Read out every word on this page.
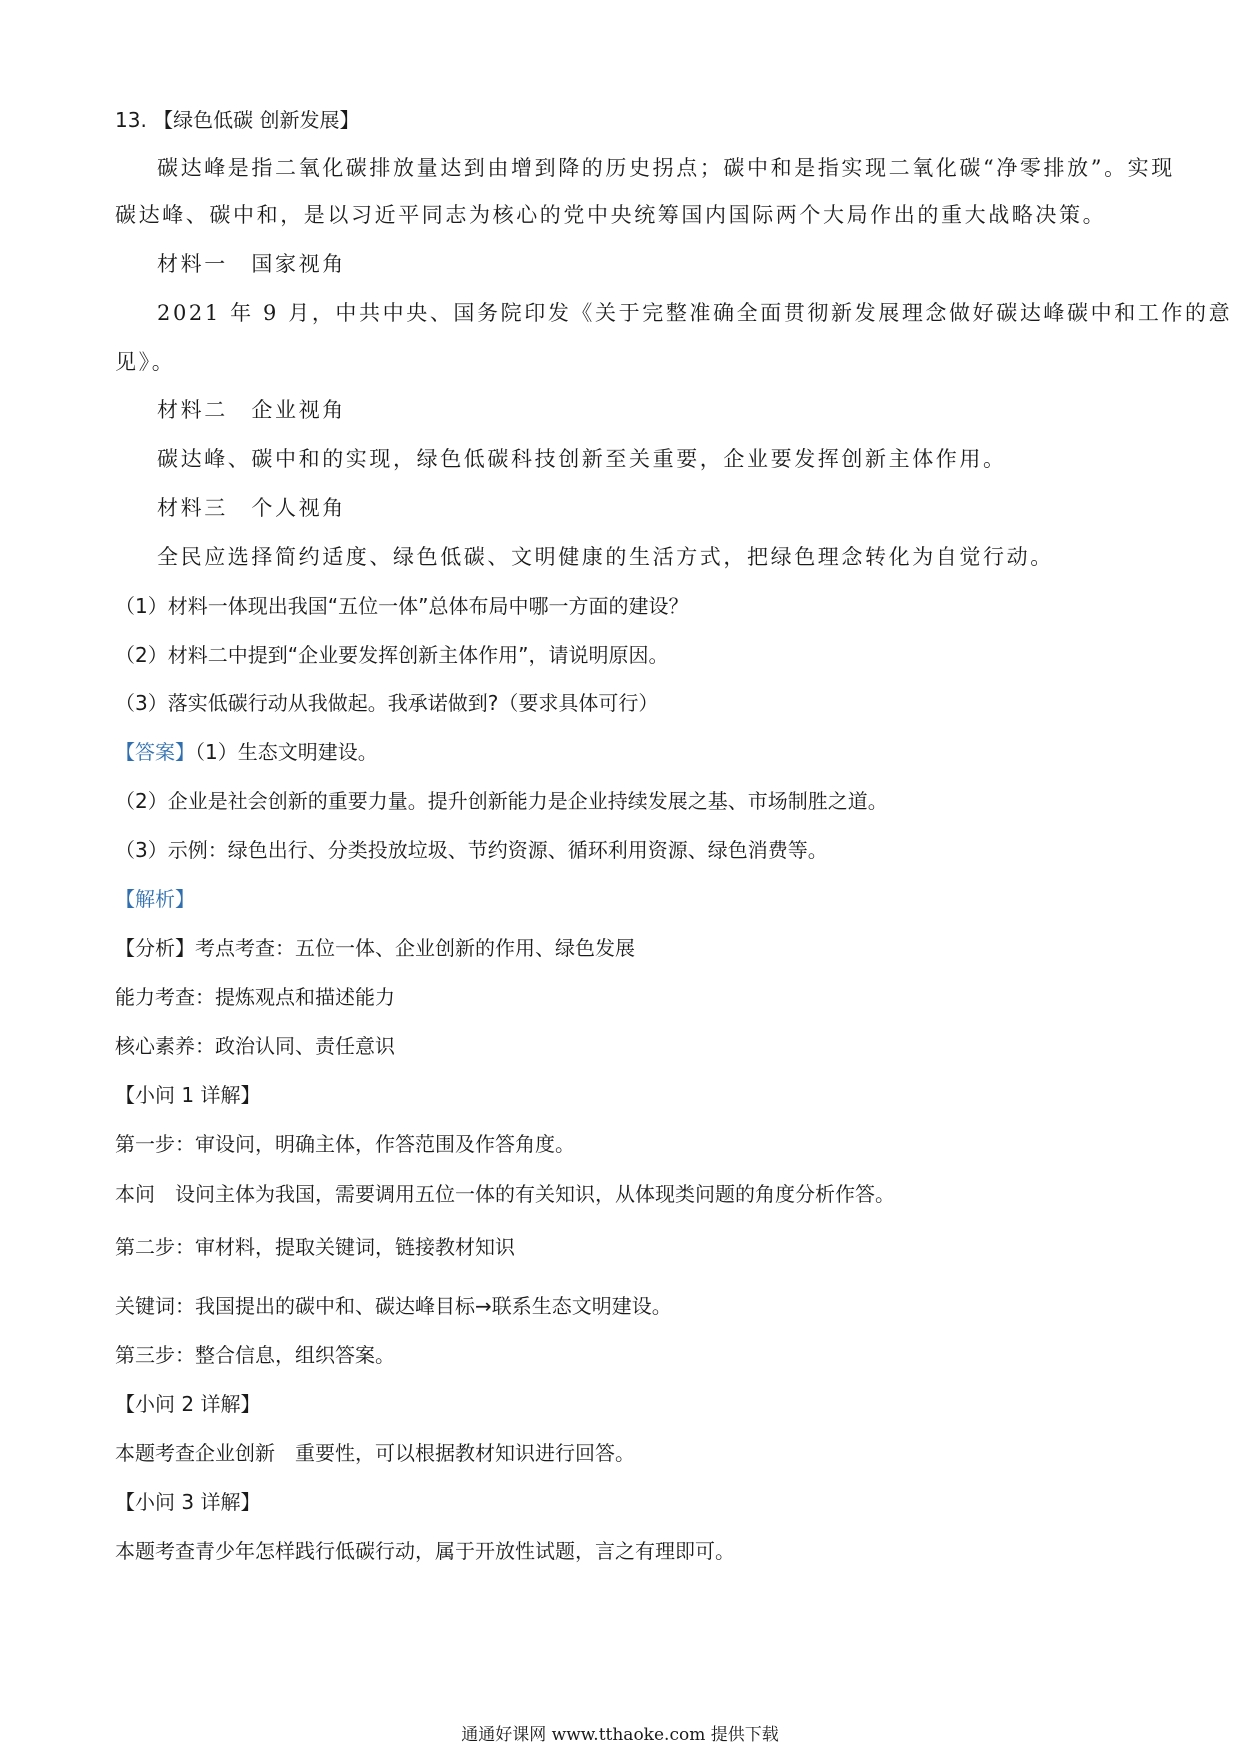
13. 【绿色低碳 创新发展】
碳达峰是指二氧化碳排放量达到由增到降的历史拐点；碳中和是指实现二氧化碳“净零排放”。实现
碳达峰、碳中和，是以习近平同志为核心的党中央统筹国内国际两个大局作出的重大战略决策。
材料一　国家视角
2021 年 9 月，中共中央、国务院印发《关于完整准确全面贯彻新发展理念做好碳达峰碳中和工作的意
见》。
材料二　企业视角
碳达峰、碳中和的实现，绿色低碳科技创新至关重要，企业要发挥创新主体作用。
材料三　个人视角
全民应选择简约适度、绿色低碳、文明健康的生活方式，把绿色理念转化为自觉行动。
（1）材料一体现出我国“五位一体”总体布局中哪一方面的建设？
（2）材料二中提到“企业要发挥创新主体作用”，请说明原因。
（3）落实低碳行动从我做起。我承诺做到?（要求具体可行）
【答案】（1）生态文明建设。
（2）企业是社会创新的重要力量。提升创新能力是企业持续发展之基、市场制胜之道。
（3）示例：绿色出行、分类投放垃圾、节约资源、循环利用资源、绿色消费等。
【解析】
【分析】考点考查：五位一体、企业创新的作用、绿色发展
能力考查：提炼观点和描述能力
核心素养：政治认同、责任意识
【小问 1 详解】
第一步：审设问，明确主体，作答范围及作答角度。
本问　设问主体为我国，需要调用五位一体的有关知识，从体现类问题的角度分析作答。
第二步：审材料，提取关键词，链接教材知识
关键词：我国提出的碳中和、碳达峰目标→联系生态文明建设。
第三步：整合信息，组织答案。
【小问 2 详解】
本题考查企业创新　重要性，可以根据教材知识进行回答。
【小问 3 详解】
本题考查青少年怎样践行低碳行动，属于开放性试题，言之有理即可。
通通好课网 www.tthaoke.com 提供下载
